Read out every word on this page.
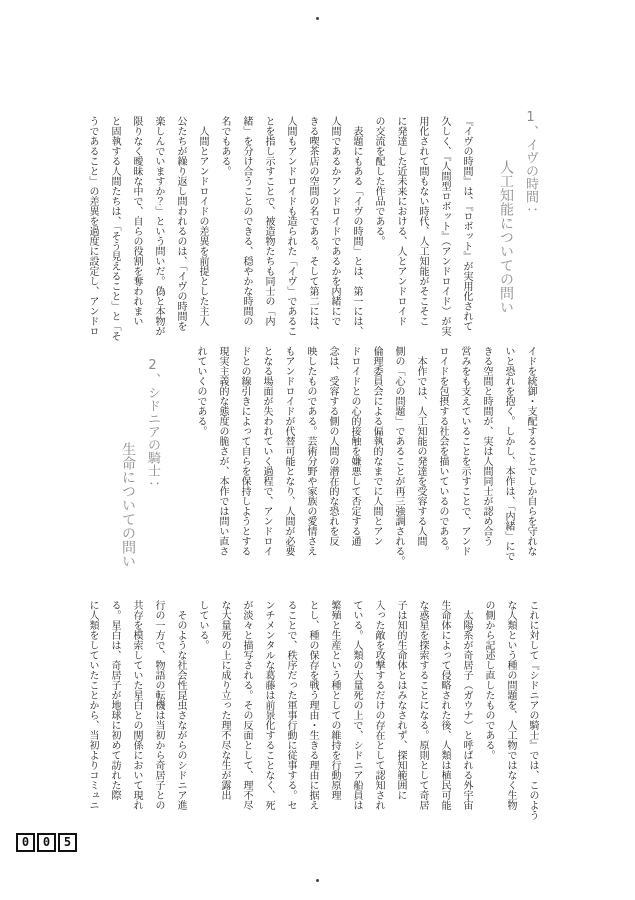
1、イヴの時間：
人工知能についての問い
『イヴの時間』は、『ロボット』が実用化されて
久しく、『人間型ロボット』（アンドロイド）が実
用化されて間もない時代、人工知能がそこそこ
に発達した近未来における、人とアンドロイド
の交流を配した作品である。
　表題にもある「イヴの時間」とは、第一には、
人間であるかアンドロイドであるかを内緒にで
きる喫茶店の空間の名である。そして第二には、
人間もアンドロイドも造られた「イヴ」であるこ
とを指し示すことで、被造物たちも同士の「内
緒」を分け合うことのできる、穏やかな時間の
名でもある。
　人間とアンドロイドの差異を前提とした主人
公たちが繰り返し問われるのは、「イヴの時間を
楽しんでいますか？」という問いだ。偽と本物が
限りなく曖昧な中で、自らの役割を奪われまい
と固執する人間たちは、「そう見えること」と「そ
うであること」の差異を過度に設定し、アンドロ
イドを統御・支配することでしか自らを守れな
いと恐れを抱く。しかし、本作は、「内緒」にで
きる空間と時間が、実は人間同士が認め合う
営みをも支えていることを示すことで、アンド
ロイドを包摂する社会を描いているのである。
　本作では、人工知能の発達を受容する人間
側の「心の問題」であることが再三強調される。
倫理委員会による偏執的なまでに人間とアン
ドロイドとの心的接触を嫌悪して否定する通
念は、受容する側の人間の潜在的な恐れを反
映したものである。芸術分野や家族の愛情さえ
もアンドロイドが代替可能となり、人間が必要
となる場面が失われていく過程で、アンドロイ
ドとの線引きによって自らを保持しようとする
現実主義的な態度の脆さが、本作では問い直さ
れていくのである。
2、シドニアの騎士：
生命についての問い
これに対して『シドニアの騎士』では、このよう
な人類という種の問題を、人工物ではなく生物
の側から記述し直したものである。
　太陽系が奇居子（ガウナ）と呼ばれる外宇宙
生命体によって侵略された後、人類は植民可能
な惑星を探索することになる。原則として奇居
子は知的生命体とはみなされず、探知範囲に
入った敵を攻撃するだけの存在として認知され
ている。人類の大量死の上で、シドニア船員は
繁殖と生産という種としての維持を行動原理
とし、種の保存を戦う理由・生きる理由に据え
ることで、秩序だった軍事行動に従事する。セ
ンチメンタルな葛藤は前景化することなく、死
が淡々と描写される。その反面として、理不尽
な大量死の上に成り立った理不尽な生が露出
している。
　そのような社会性昆虫さながらのシドニア進
行の一方で、物語の転機は当初から奇居子との
共存を模索していた星白との関係において現れ
る。星白は、奇居子が地球に初めて訪れた際
に人類をしていたことから、当初よりコミュニ
0	0	5
